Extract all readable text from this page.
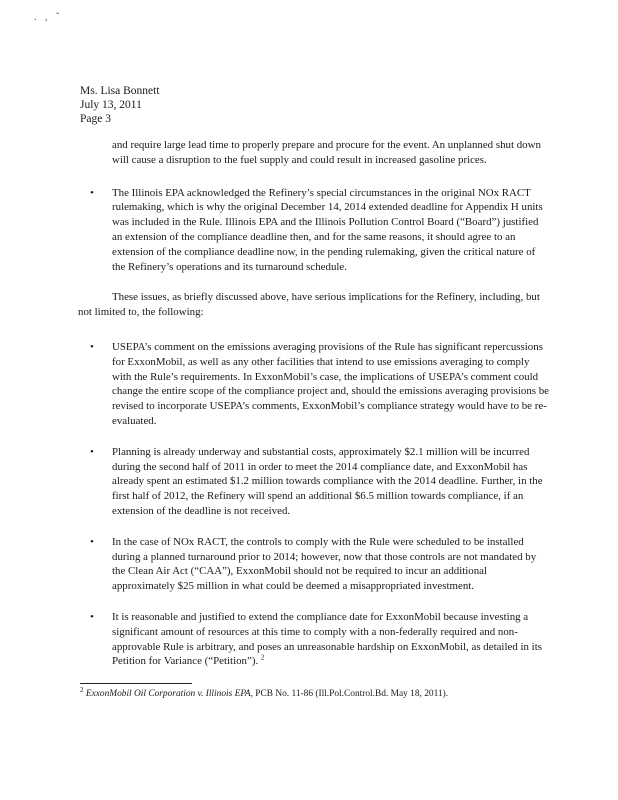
. , ˇ
Ms. Lisa Bonnett
July 13, 2011
Page 3
and require large lead time to properly prepare and procure for the event. An unplanned shut down will cause a disruption to the fuel supply and could result in increased gasoline prices.
•	The Illinois EPA acknowledged the Refinery’s special circumstances in the original NOx RACT rulemaking, which is why the original December 14, 2014 extended deadline for Appendix H units was included in the Rule. Illinois EPA and the Illinois Pollution Control Board (“Board”) justified an extension of the compliance deadline then, and for the same reasons, it should agree to an extension of the compliance deadline now, in the pending rulemaking, given the critical nature of the Refinery’s operations and its turnaround schedule.
These issues, as briefly discussed above, have serious implications for the Refinery, including, but not limited to, the following:
•	USEPA’s comment on the emissions averaging provisions of the Rule has significant repercussions for ExxonMobil, as well as any other facilities that intend to use emissions averaging to comply with the Rule’s requirements. In ExxonMobil’s case, the implications of USEPA’s comment could change the entire scope of the compliance project and, should the emissions averaging provisions be revised to incorporate USEPA’s comments, ExxonMobil’s compliance strategy would have to be re-evaluated.
•	Planning is already underway and substantial costs, approximately $2.1 million will be incurred during the second half of 2011 in order to meet the 2014 compliance date, and ExxonMobil has already spent an estimated $1.2 million towards compliance with the 2014 deadline. Further, in the first half of 2012, the Refinery will spend an additional $6.5 million towards compliance, if an extension of the deadline is not received.
•	In the case of NOx RACT, the controls to comply with the Rule were scheduled to be installed during a planned turnaround prior to 2014; however, now that those controls are not mandated by the Clean Air Act (“CAA”), ExxonMobil should not be required to incur an additional approximately $25 million in what could be deemed a misappropriated investment.
•	It is reasonable and justified to extend the compliance date for ExxonMobil because investing a significant amount of resources at this time to comply with a non-federally required and non-approvable Rule is arbitrary, and poses an unreasonable hardship on ExxonMobil, as detailed in its Petition for Variance (“Petition”). $^2$
$^2$ ExxonMobil Oil Corporation v. Illinois EPA, PCB No. 11-86 (Ill.Pol.Control.Bd. May 18, 2011).
